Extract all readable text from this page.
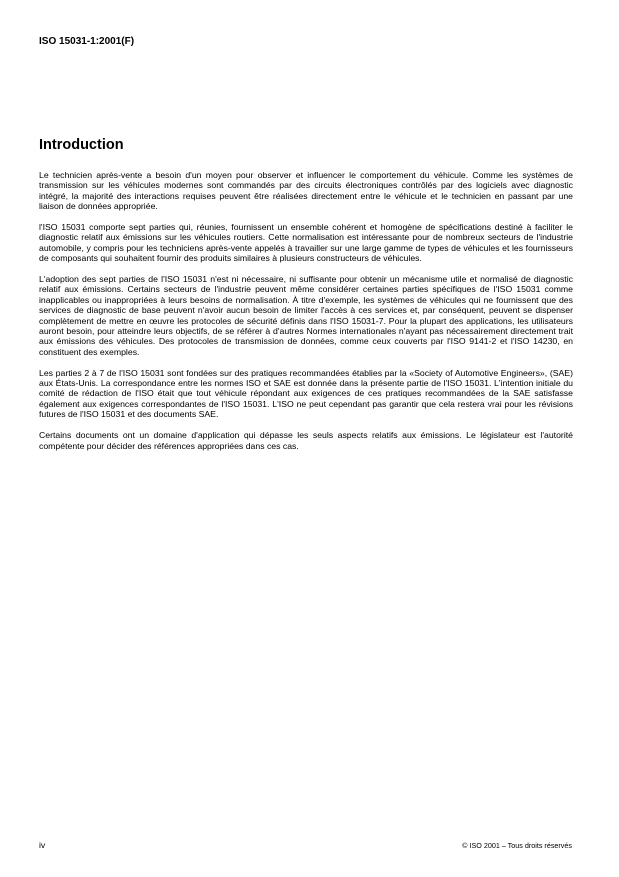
ISO 15031-1:2001(F)
Introduction

Le technicien après-vente a besoin d'un moyen pour observer et influencer le comportement du véhicule. Comme les systèmes de transmission sur les véhicules modernes sont commandés par des circuits électroniques contrôlés par des logiciels avec diagnostic intégré, la majorité des interactions requises peuvent être réalisées directement entre le véhicule et le technicien en passant par une liaison de données appropriée.

l'ISO 15031 comporte sept parties qui, réunies, fournissent un ensemble cohérent et homogène de spécifications destiné à faciliter le diagnostic relatif aux émissions sur les véhicules routiers. Cette normalisation est intéressante pour de nombreux secteurs de l'industrie automobile, y compris pour les techniciens après-vente appelés à travailler sur une large gamme de types de véhicules et les fournisseurs de composants qui souhaitent fournir des produits similaires à plusieurs constructeurs de véhicules.

L'adoption des sept parties de l'ISO 15031 n'est ni nécessaire, ni suffisante pour obtenir un mécanisme utile et normalisé de diagnostic relatif aux émissions. Certains secteurs de l'industrie peuvent même considérer certaines parties spécifiques de l'ISO 15031 comme inapplicables ou inappropriées à leurs besoins de normalisation. À titre d'exemple, les systèmes de véhicules qui ne fournissent que des services de diagnostic de base peuvent n'avoir aucun besoin de limiter l'accès à ces services et, par conséquent, peuvent se dispenser complètement de mettre en œuvre les protocoles de sécurité définis dans l'ISO 15031-7. Pour la plupart des applications, les utilisateurs auront besoin, pour atteindre leurs objectifs, de se référer à d'autres Normes internationales n'ayant pas nécessairement directement trait aux émissions des véhicules. Des protocoles de transmission de données, comme ceux couverts par l'ISO 9141-2 et l'ISO 14230, en constituent des exemples.

Les parties 2 à 7 de l'ISO 15031 sont fondées sur des pratiques recommandées établies par la «Society of Automotive Engineers», (SAE) aux États-Unis. La correspondance entre les normes ISO et SAE est donnée dans la présente partie de l'ISO 15031. L'intention initiale du comité de rédaction de l'ISO était que tout véhicule répondant aux exigences de ces pratiques recommandées de la SAE satisfasse également aux exigences correspondantes de l'ISO 15031. L'ISO ne peut cependant pas garantir que cela restera vrai pour les révisions futures de l'ISO 15031 et des documents SAE.

Certains documents ont un domaine d'application qui dépasse les seuls aspects relatifs aux émissions. Le législateur est l'autorité compétente pour décider des références appropriées dans ces cas.

iv	© ISO 2001 – Tous droits réservés
